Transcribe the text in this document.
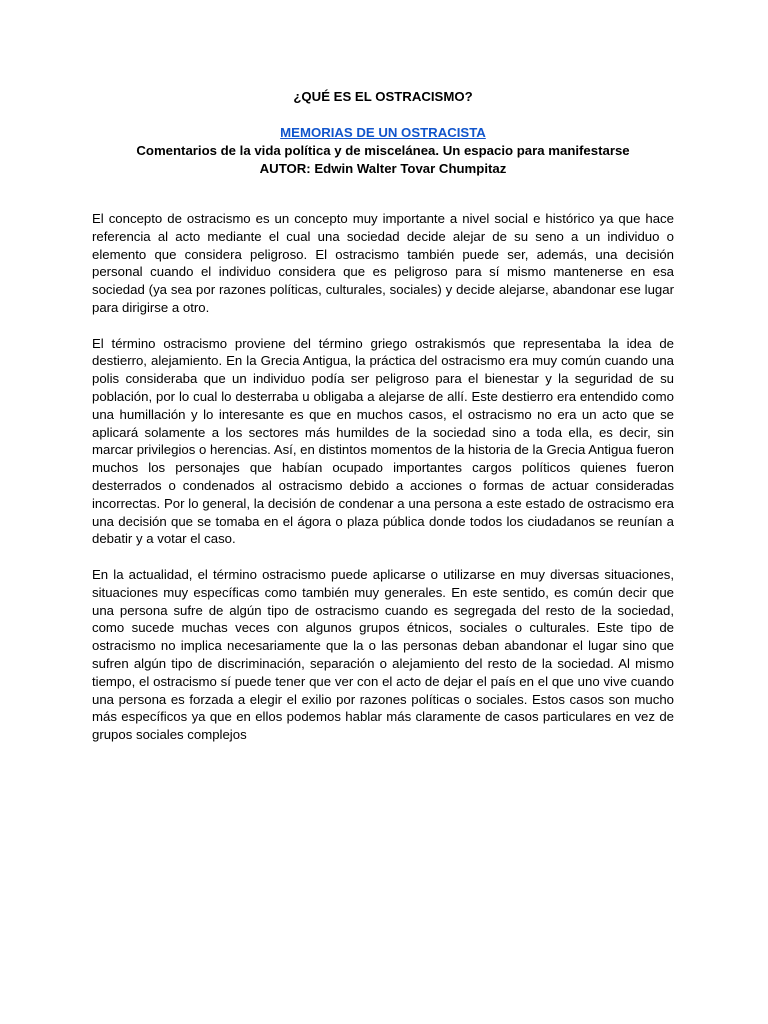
¿QUÉ ES EL OSTRACISMO?
MEMORIAS DE UN OSTRACISTA
Comentarios de la vida política y de miscelánea. Un espacio para manifestarse
AUTOR: Edwin Walter Tovar Chumpitaz

El concepto de ostracismo es un concepto muy importante a nivel social e histórico ya que hace referencia al acto mediante el cual una sociedad decide alejar de su seno a un individuo o elemento que considera peligroso. El ostracismo también puede ser, además, una decisión personal cuando el individuo considera que es peligroso para sí mismo mantenerse en esa sociedad (ya sea por razones políticas, culturales, sociales) y decide alejarse, abandonar ese lugar para dirigirse a otro.

El término ostracismo proviene del término griego ostrakismós que representaba la idea de destierro, alejamiento. En la Grecia Antigua, la práctica del ostracismo era muy común cuando una polis consideraba que un individuo podía ser peligroso para el bienestar y la seguridad de su población, por lo cual lo desterraba u obligaba a alejarse de allí. Este destierro era entendido como una humillación y lo interesante es que en muchos casos, el ostracismo no era un acto que se aplicará solamente a los sectores más humildes de la sociedad sino a toda ella, es decir, sin marcar privilegios o herencias. Así, en distintos momentos de la historia de la Grecia Antigua fueron muchos los personajes que habían ocupado importantes cargos políticos quienes fueron desterrados o condenados al ostracismo debido a acciones o formas de actuar consideradas incorrectas. Por lo general, la decisión de condenar a una persona a este estado de ostracismo era una decisión que se tomaba en el ágora o plaza pública donde todos los ciudadanos se reunían a debatir y a votar el caso.

En la actualidad, el término ostracismo puede aplicarse o utilizarse en muy diversas situaciones, situaciones muy específicas como también muy generales. En este sentido, es común decir que una persona sufre de algún tipo de ostracismo cuando es segregada del resto de la sociedad, como sucede muchas veces con algunos grupos étnicos, sociales o culturales. Este tipo de ostracismo no implica necesariamente que la o las personas deban abandonar el lugar sino que sufren algún tipo de discriminación, separación o alejamiento del resto de la sociedad. Al mismo tiempo, el ostracismo sí puede tener que ver con el acto de dejar el país en el que uno vive cuando una persona es forzada a elegir el exilio por razones políticas o sociales. Estos casos son mucho más específicos ya que en ellos podemos hablar más claramente de casos particulares en vez de grupos sociales complejos
